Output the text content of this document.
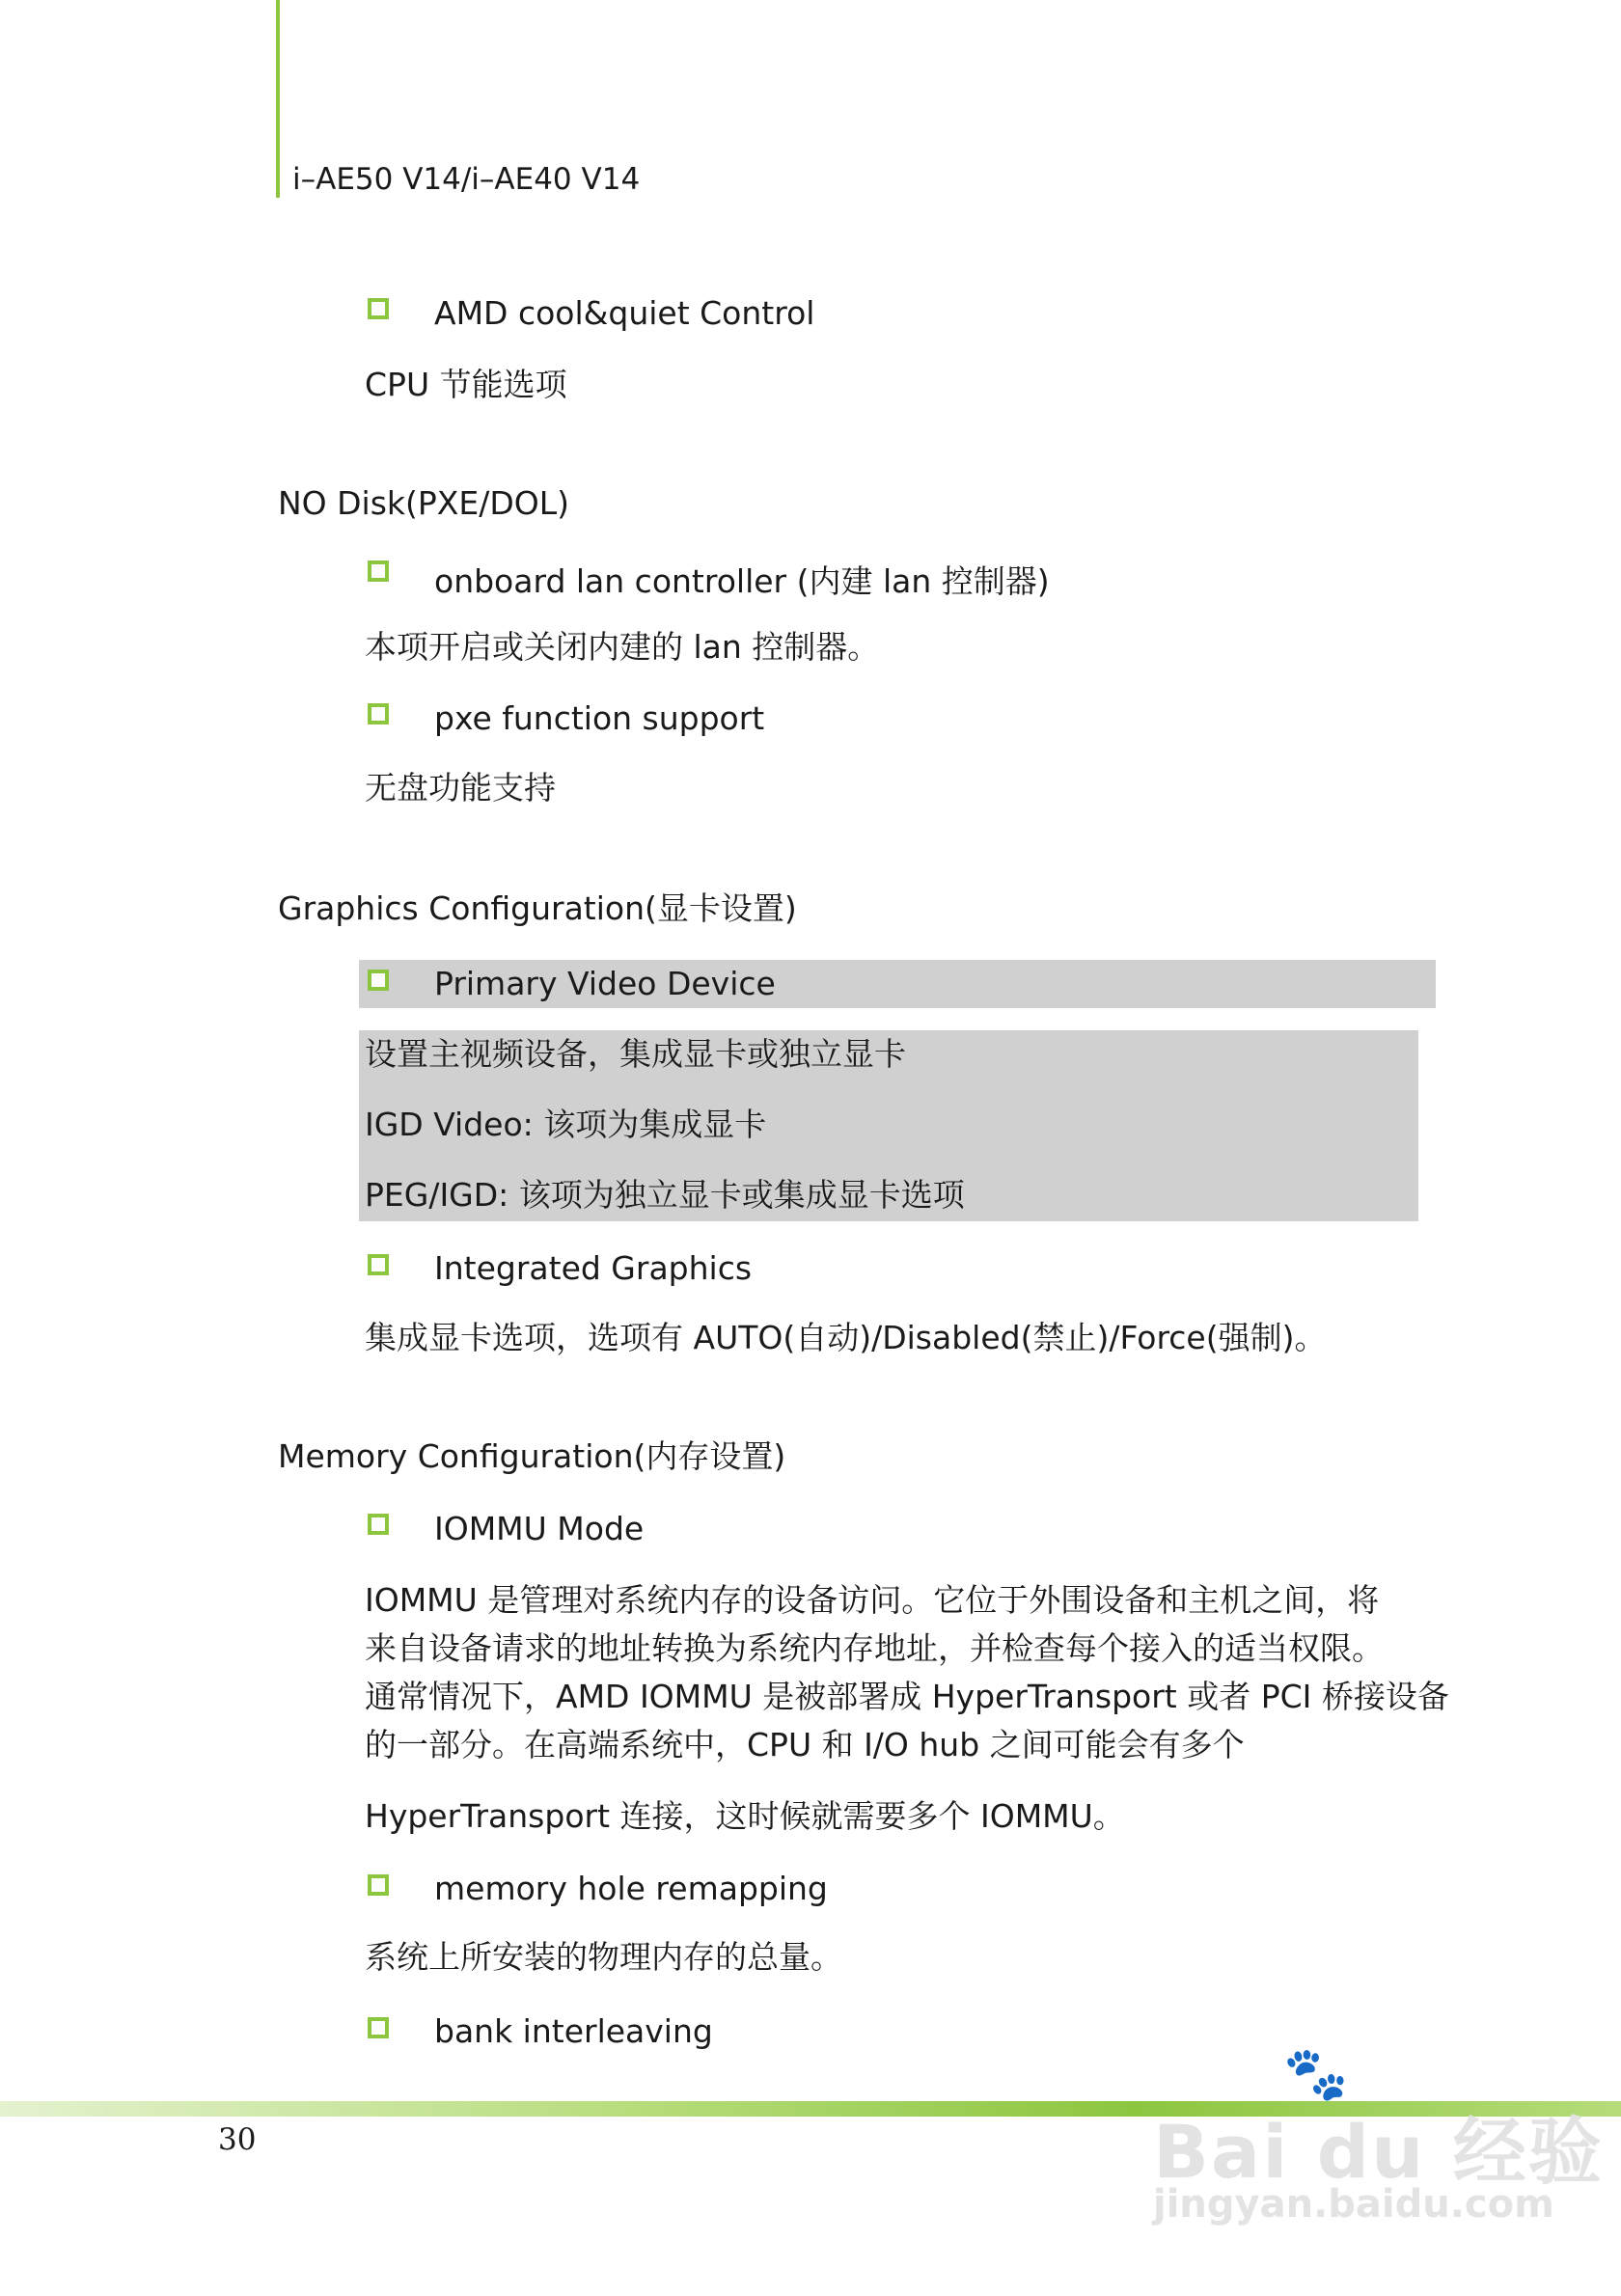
i–AE50 V14/i–AE40 V14
AMD cool&quiet Control
CPU 节能选项
NO Disk(PXE/DOL)
onboard lan controller (内建 lan 控制器)
本项开启或关闭内建的 lan 控制器。
pxe function support
无盘功能支持
Graphics Configuration(显卡设置)
Primary Video Device
设置主视频设备，集成显卡或独立显卡
IGD Video: 该项为集成显卡
PEG/IGD: 该项为独立显卡或集成显卡选项
Integrated Graphics
集成显卡选项，选项有 AUTO(自动)/Disabled(禁止)/Force(强制)。
Memory Configuration(内存设置)
IOMMU Mode
IOMMU 是管理对系统内存的设备访问。它位于外围设备和主机之间，将
来自设备请求的地址转换为系统内存地址，并检查每个接入的适当权限。
通常情况下，AMD IOMMU 是被部署成 HyperTransport 或者 PCI 桥接设备
的一部分。在高端系统中，CPU 和 I/O hub 之间可能会有多个
HyperTransport 连接，这时候就需要多个 IOMMU。
memory hole remapping
系统上所安装的物理内存的总量。
bank interleaving
30
🐾
Bai du 经验
jingyan.baidu.com
